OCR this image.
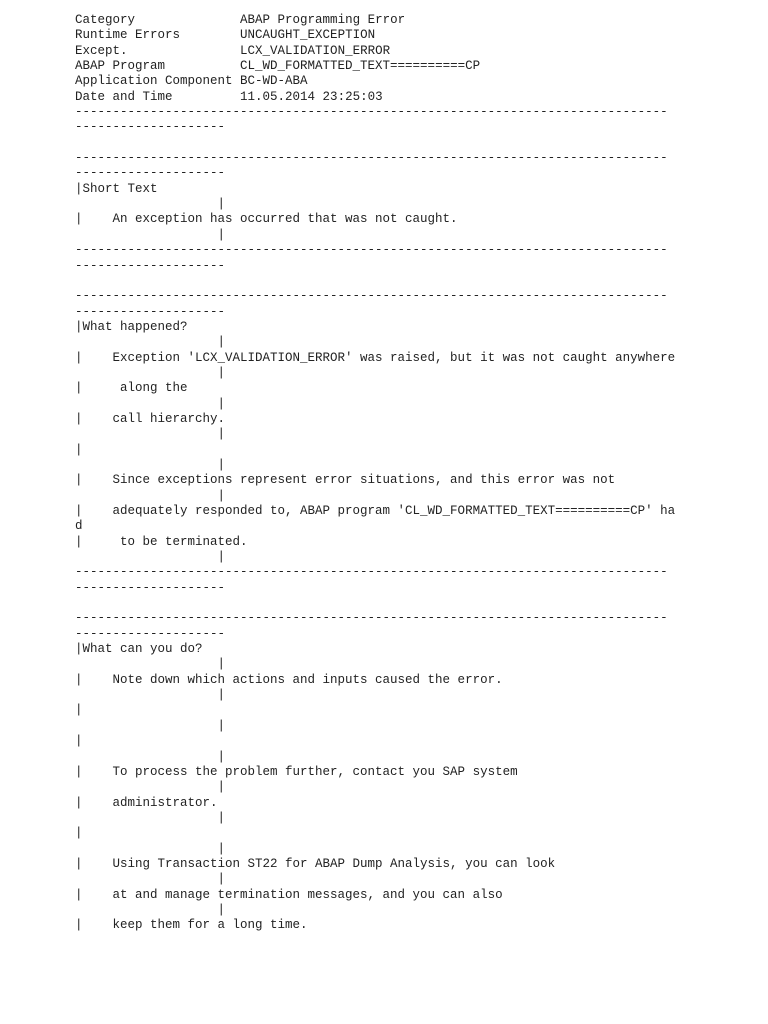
Category	ABAP Programming Error
Runtime Errors	UNCAUGHT_EXCEPTION
Except.	LCX_VALIDATION_ERROR
ABAP Program	CL_WD_FORMATTED_TEXT==========CP
Application Component BC-WD-ABA
Date and Time	11.05.2014 23:25:03
-------------------------------------------------------------------------------
--------------------
-------------------------------------------------------------------------------
--------------------
|Short Text
|
|    An exception has occurred that was not caught.
|
-------------------------------------------------------------------------------
--------------------
-------------------------------------------------------------------------------
--------------------
|What happened?
|
|    Exception 'LCX_VALIDATION_ERROR' was raised, but it was not caught anywhere
|
|     along the
|
|    call hierarchy.
|
|
|
|    Since exceptions represent error situations, and this error was not
|
|    adequately responded to, ABAP program 'CL_WD_FORMATTED_TEXT==========CP' ha
d
|     to be terminated.
|
-------------------------------------------------------------------------------
--------------------
-------------------------------------------------------------------------------
--------------------
|What can you do?
|
|    Note down which actions and inputs caused the error.
|
|
|
|
|
|    To process the problem further, contact you SAP system
|
|    administrator.
|
|
|
|    Using Transaction ST22 for ABAP Dump Analysis, you can look
|
|    at and manage termination messages, and you can also
|
|    keep them for a long time.
